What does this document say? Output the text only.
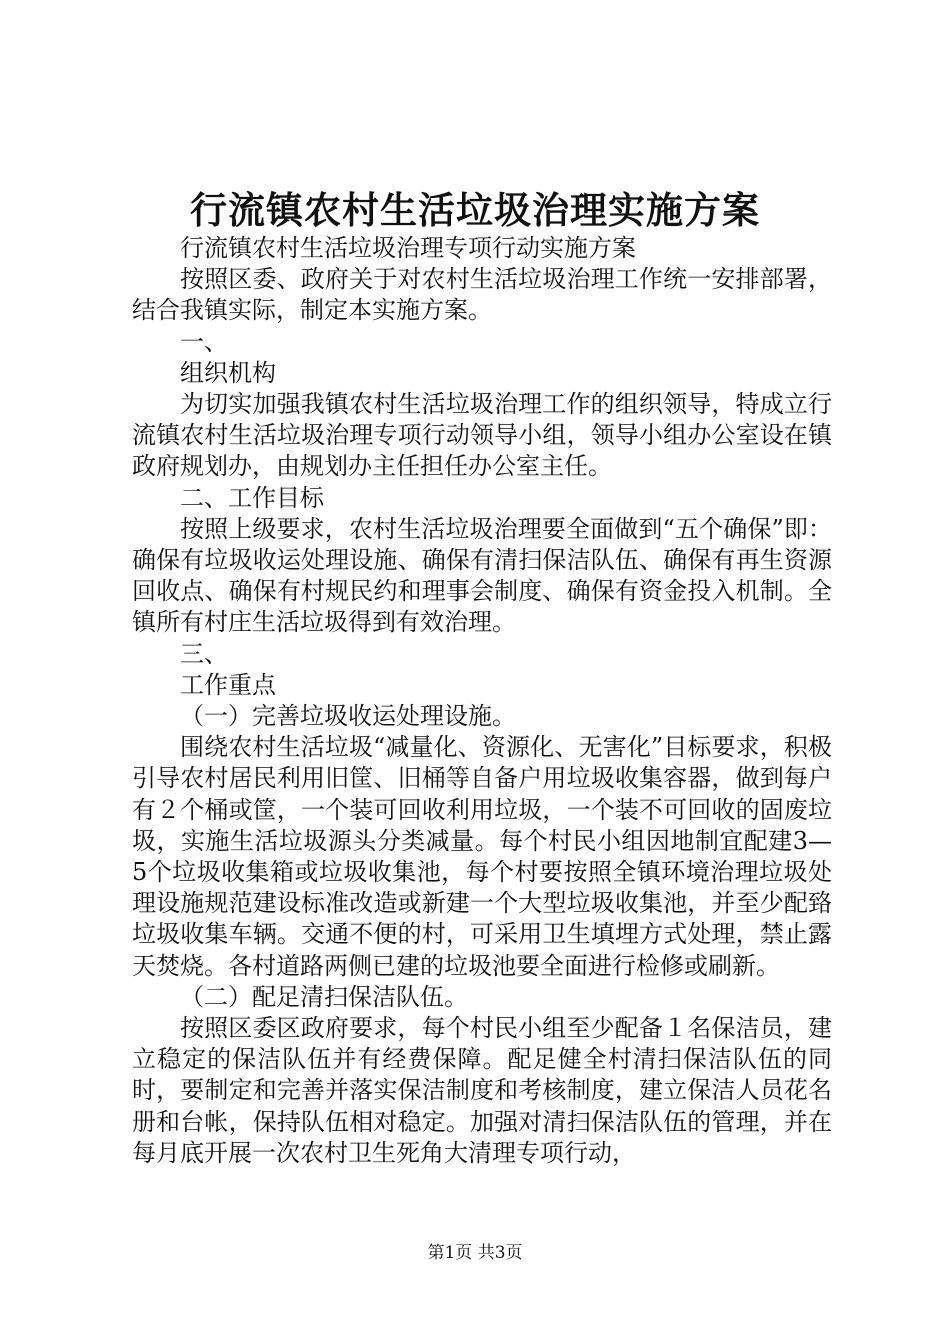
行流镇农村生活垃圾治理实施方案

行流镇农村生活垃圾治理专项行动实施方案

按照区委、政府关于对农村生活垃圾治理工作统一安排部署，结合我镇实际，制定本实施方案。

一、

组织机构

为切实加强我镇农村生活垃圾治理工作的组织领导，特成立行流镇农村生活垃圾治理专项行动领导小组，领导小组办公室设在镇政府规划办，由规划办主任担任办公室主任。

二、工作目标

按照上级要求，农村生活垃圾治理要全面做到“五个确保”即：确保有垃圾收运处理设施、确保有清扫保洁队伍、确保有再生资源回收点、确保有村规民约和理事会制度、确保有资金投入机制。全镇所有村庄生活垃圾得到有效治理。

三、

工作重点

（一）完善垃圾收运处理设施。

围绕农村生活垃圾“减量化、资源化、无害化”目标要求，积极引导农村居民利用旧筐、旧桶等自备户用垃圾收集容器，做到每户有２个桶或筐，一个装可回收利用垃圾，一个装不可回收的固废垃圾，实施生活垃圾源头分类减量。每个村民小组因地制宜配建3—5个垃圾收集箱或垃圾收集池，每个村要按照全镇环境治理垃圾处理设施规范建设标准改造或新建一个大型垃圾收集池，并至少配臵垃圾收集车辆。交通不便的村，可采用卫生填埋方式处理，禁止露天焚烧。各村道路两侧已建的垃圾池要全面进行检修或刷新。

（二）配足清扫保洁队伍。

按照区委区政府要求，每个村民小组至少配备１名保洁员，建立稳定的保洁队伍并有经费保障。配足健全村清扫保洁队伍的同时，要制定和完善并落实保洁制度和考核制度，建立保洁人员花名册和台帐，保持队伍相对稳定。加强对清扫保洁队伍的管理，并在每月底开展一次农村卫生死角大清理专项行动，

第1页 共3页
